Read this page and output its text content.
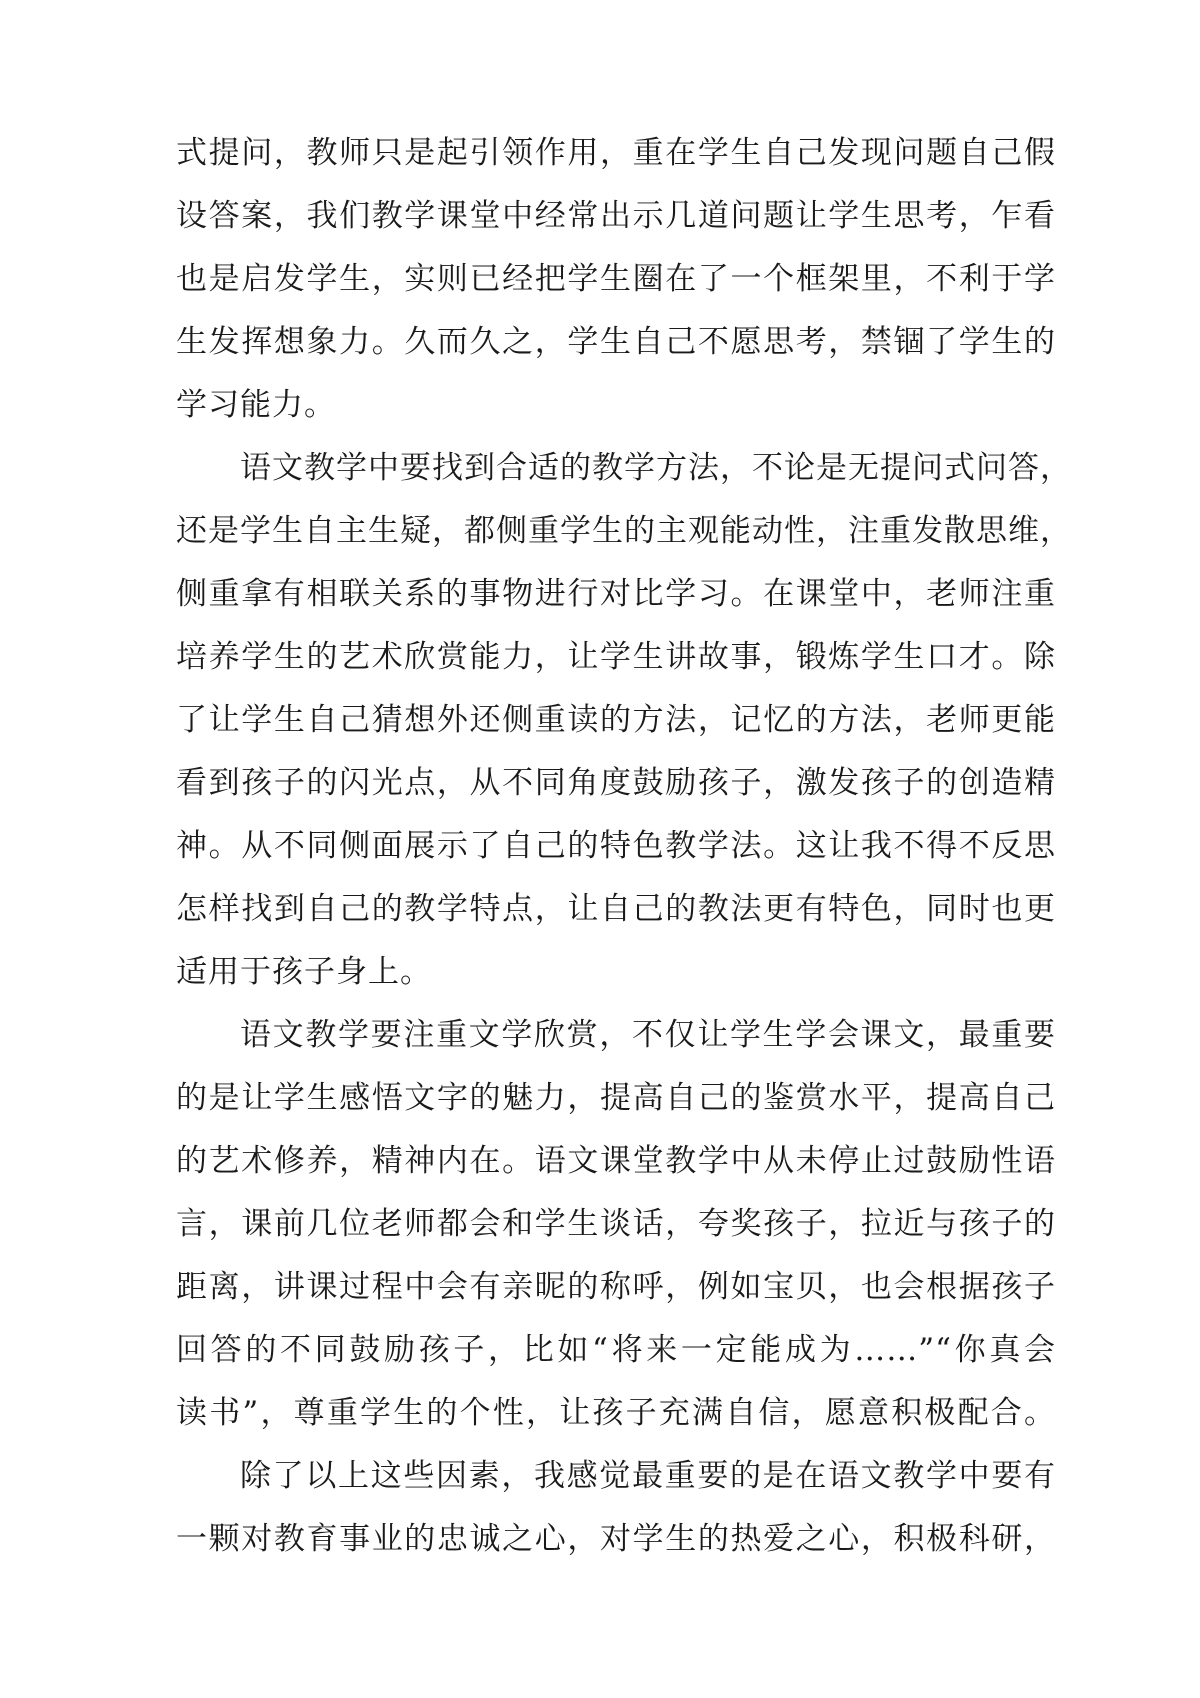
式提问，教师只是起引领作用，重在学生自己发现问题自己假
设答案，我们教学课堂中经常出示几道问题让学生思考，乍看
也是启发学生，实则已经把学生圈在了一个框架里，不利于学
生发挥想象力。久而久之，学生自己不愿思考，禁锢了学生的
学习能力。
语文教学中要找到合适的教学方法，不论是无提问式问答，
还是学生自主生疑，都侧重学生的主观能动性，注重发散思维，
侧重拿有相联关系的事物进行对比学习。在课堂中，老师注重
培养学生的艺术欣赏能力，让学生讲故事，锻炼学生口才。除
了让学生自己猜想外还侧重读的方法，记忆的方法，老师更能
看到孩子的闪光点，从不同角度鼓励孩子，激发孩子的创造精
神。从不同侧面展示了自己的特色教学法。这让我不得不反思
怎样找到自己的教学特点，让自己的教法更有特色，同时也更
适用于孩子身上。
语文教学要注重文学欣赏，不仅让学生学会课文，最重要
的是让学生感悟文字的魅力，提高自己的鉴赏水平，提高自己
的艺术修养，精神内在。语文课堂教学中从未停止过鼓励性语
言，课前几位老师都会和学生谈话，夸奖孩子，拉近与孩子的
距离，讲课过程中会有亲昵的称呼，例如宝贝，也会根据孩子
回答的不同鼓励孩子，比如“将来一定能成为……”“你真会
读书”，尊重学生的个性，让孩子充满自信，愿意积极配合。
除了以上这些因素，我感觉最重要的是在语文教学中要有
一颗对教育事业的忠诚之心，对学生的热爱之心，积极科研，
